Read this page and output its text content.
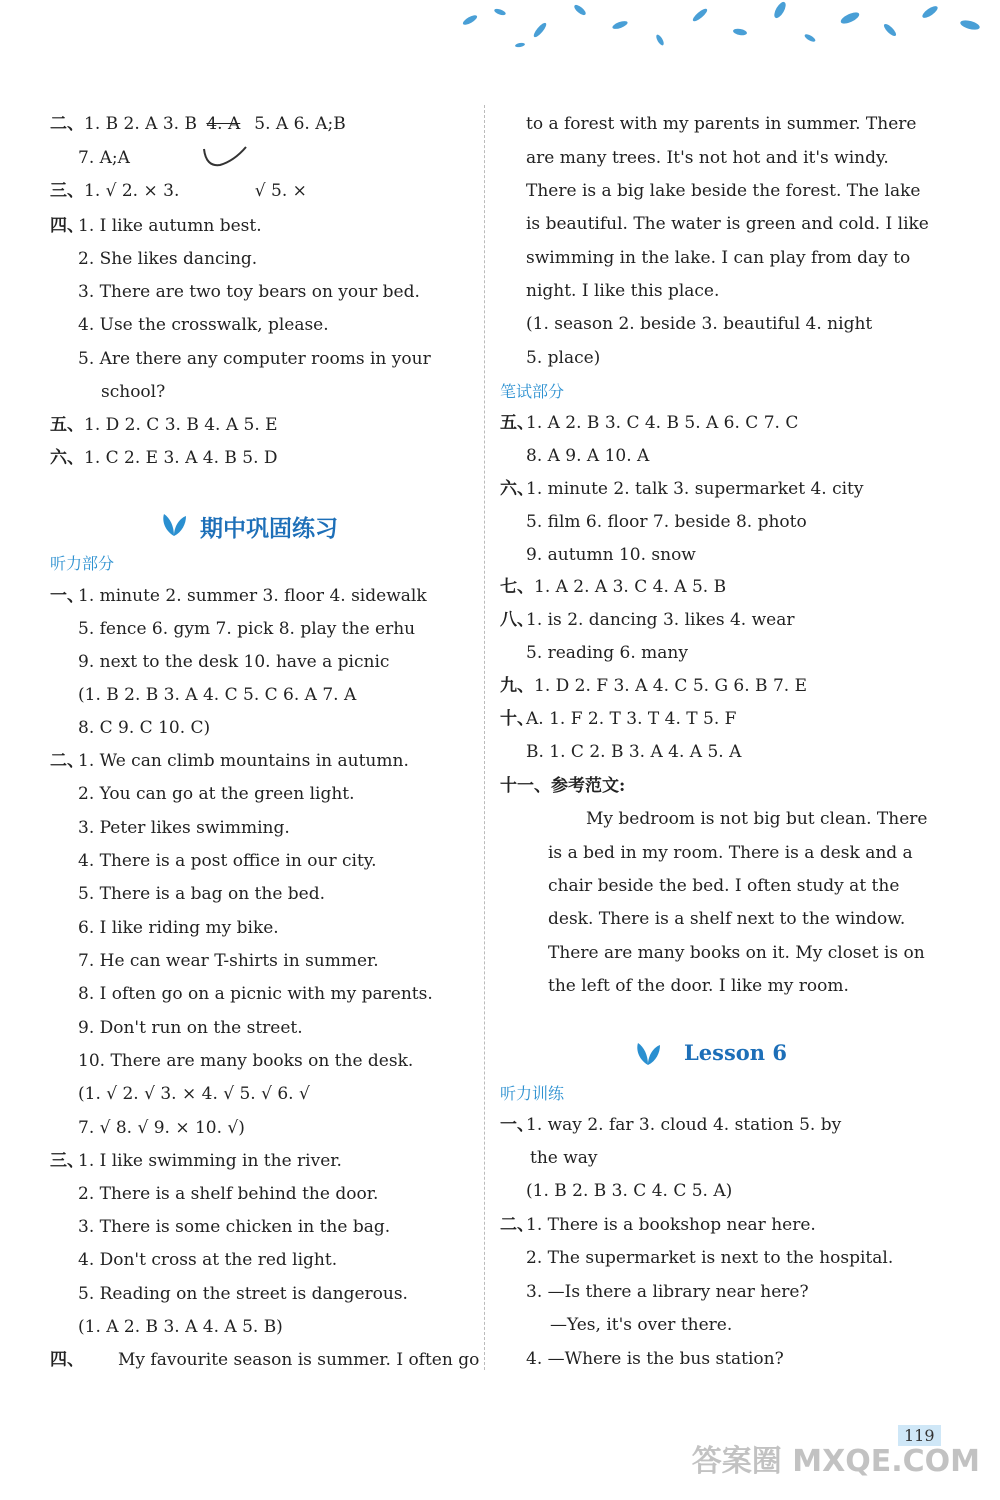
二、1. B 2. A 3. B 4. A 5. A 6. A;B
7. A;A
三、1. √ 2. × 3.	√ 5. ×
四、
1. I like autumn best.
2. She likes dancing.
3. There are two toy bears on your bed.
4. Use the crosswalk, please.
5. Are there any computer rooms in your
school?
五、1. D 2. C 3. B 4. A 5. E
六、1. C 2. E 3. A 4. B 5. D
期中巩固练习
听力部分
一、
1. minute 2. summer 3. floor 4. sidewalk
5. fence 6. gym 7. pick 8. play the erhu
9. next to the desk 10. have a picnic
(1. B 2. B 3. A 4. C 5. C 6. A 7. A
8. C 9. C 10. C)
二、
1. We can climb mountains in autumn.
2. You can go at the green light.
3. Peter likes swimming.
4. There is a post office in our city.
5. There is a bag on the bed.
6. I like riding my bike.
7. He can wear T-shirts in summer.
8. I often go on a picnic with my parents.
9. Don't run on the street.
10. There are many books on the desk.
(1. √ 2. √ 3. × 4. √ 5. √ 6. √
7. √ 8. √ 9. × 10. √)
三、
1. I like swimming in the river.
2. There is a shelf behind the door.
3. There is some chicken in the bag.
4. Don't cross at the red light.
5. Reading on the street is dangerous.
(1. A 2. B 3. A 4. A 5. B)
四、 My favourite season is summer. I often go
to a forest with my parents in summer. There
are many trees. It's not hot and it's windy.
There is a big lake beside the forest. The lake
is beautiful. The water is green and cold. I like
swimming in the lake. I can play from day to
night. I like this place.
(1. season 2. beside 3. beautiful 4. night
5. place)
笔试部分
五、
1. A 2. B 3. C 4. B 5. A 6. C 7. C
8. A 9. A 10. A
六、
1. minute 2. talk 3. supermarket 4. city
5. film 6. floor 7. beside 8. photo
9. autumn 10. snow
七、1. A 2. A 3. C 4. A 5. B
八、
1. is 2. dancing 3. likes 4. wear
5. reading 6. many
九、1. D 2. F 3. A 4. C 5. G 6. B 7. E
十、
A. 1. F 2. T 3. T 4. T 5. F
B. 1. C 2. B 3. A 4. A 5. A
十一、参考范文:
My bedroom is not big but clean. There
is a bed in my room. There is a desk and a
chair beside the bed. I often study at the
desk. There is a shelf next to the window.
There are many books on it. My closet is on
the left of the door. I like my room.
Lesson 6
听力训练
一、
1. way 2. far 3. cloud 4. station 5. by
the way
(1. B 2. B 3. C 4. C 5. A)
二、
1. There is a bookshop near here.
2. The supermarket is next to the hospital.
3. —Is there a library near here?
—Yes, it's over there.
4. —Where is the bus station?
119
答案圈 MXQE.COM
